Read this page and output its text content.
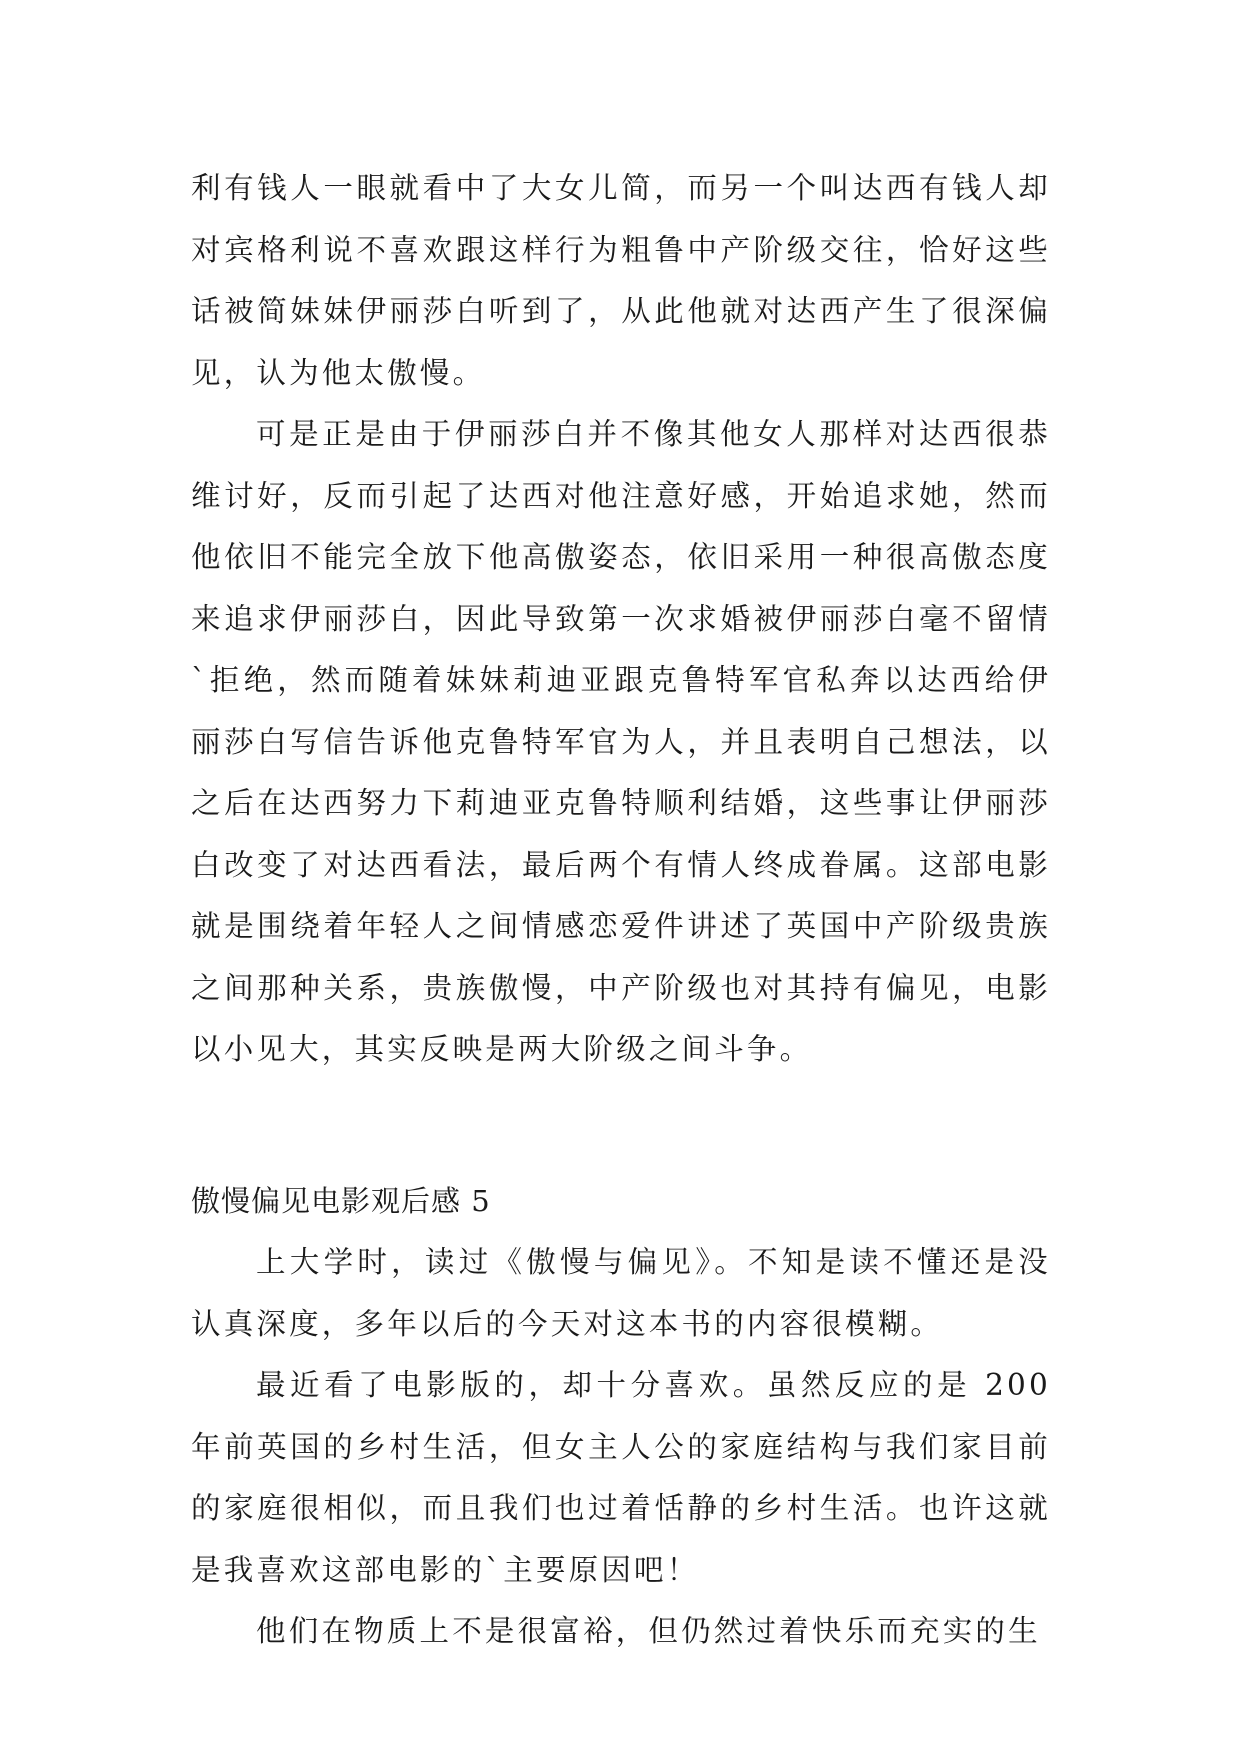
利有钱人一眼就看中了大女儿简，而另一个叫达西有钱人却对宾格利说不喜欢跟这样行为粗鲁中产阶级交往，恰好这些话被简妹妹伊丽莎白听到了，从此他就对达西产生了很深偏见，认为他太傲慢。

可是正是由于伊丽莎白并不像其他女人那样对达西很恭维讨好，反而引起了达西对他注意好感，开始追求她，然而他依旧不能完全放下他高傲姿态，依旧采用一种很高傲态度来追求伊丽莎白，因此导致第一次求婚被伊丽莎白毫不留情`拒绝，然而随着妹妹莉迪亚跟克鲁特军官私奔以达西给伊丽莎白写信告诉他克鲁特军官为人，并且表明自己想法，以之后在达西努力下莉迪亚克鲁特顺利结婚，这些事让伊丽莎白改变了对达西看法，最后两个有情人终成眷属。这部电影就是围绕着年轻人之间情感恋爱件讲述了英国中产阶级贵族之间那种关系，贵族傲慢，中产阶级也对其持有偏见，电影以小见大，其实反映是两大阶级之间斗争。

傲慢偏见电影观后感 5

上大学时，读过《傲慢与偏见》。不知是读不懂还是没认真深度，多年以后的今天对这本书的内容很模糊。

最近看了电影版的，却十分喜欢。虽然反应的是 200 年前英国的乡村生活，但女主人公的家庭结构与我们家目前的家庭很相似，而且我们也过着恬静的乡村生活。也许这就是我喜欢这部电影的`主要原因吧！

他们在物质上不是很富裕，但仍然过着快乐而充实的生
